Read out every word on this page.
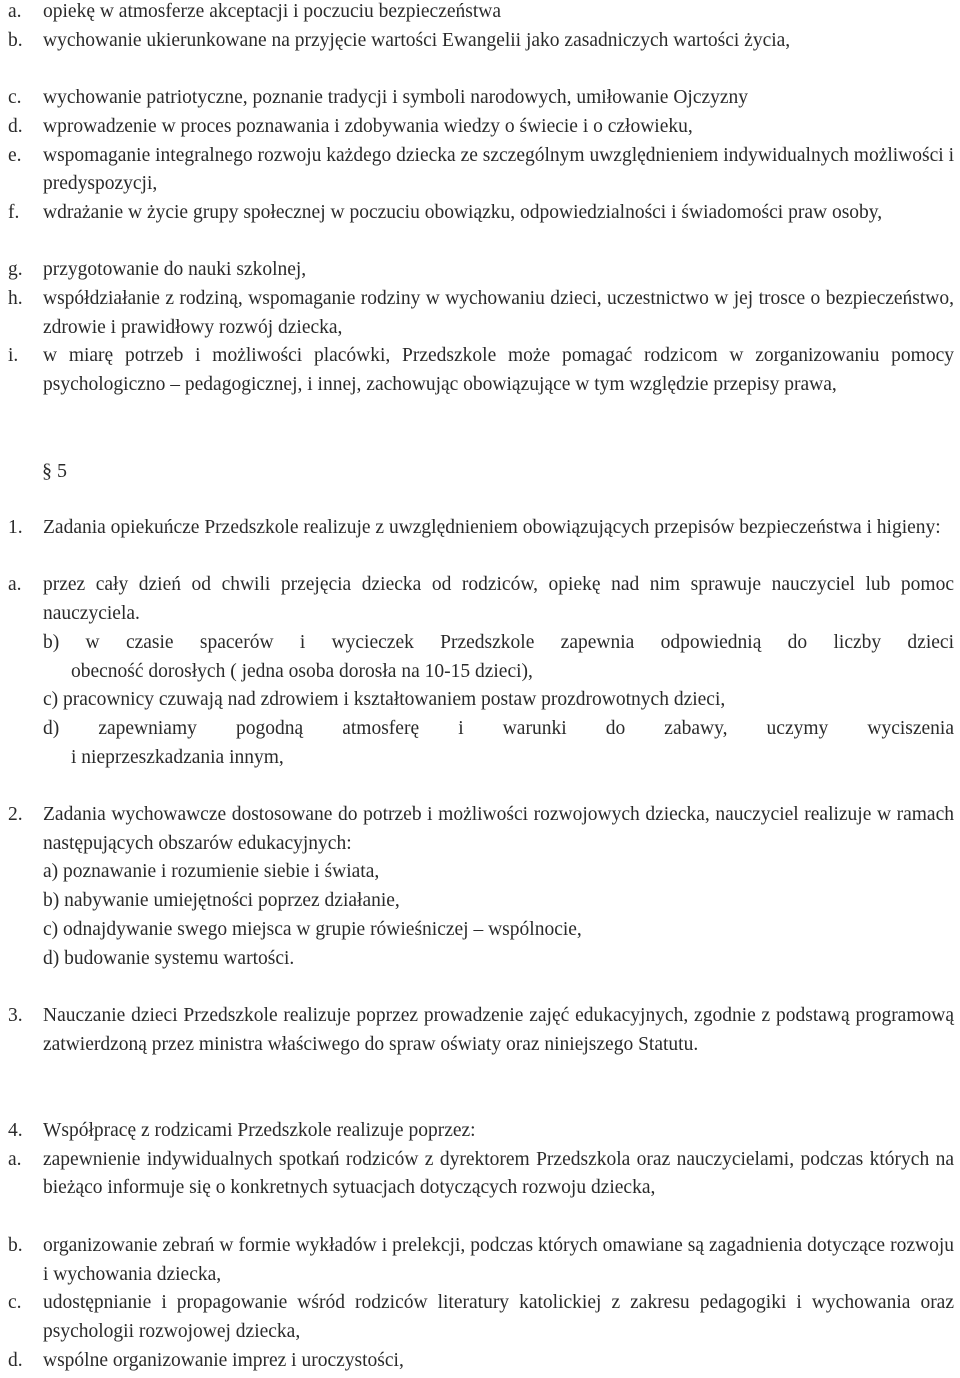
a. opiekę w atmosferze akceptacji i poczuciu bezpieczeństwa
b. wychowanie ukierunkowane na przyjęcie wartości Ewangelii jako zasadniczych wartości życia,
c. wychowanie patriotyczne, poznanie tradycji i symboli narodowych, umiłowanie Ojczyzny
d. wprowadzenie w proces poznawania i zdobywania wiedzy o świecie i o człowieku,
e. wspomaganie integralnego rozwoju każdego dziecka ze szczególnym uwzględnieniem indywidualnych możliwości i predyspozycji,
f. wdrażanie w życie grupy społecznej w poczuciu obowiązku, odpowiedzialności i świadomości praw osoby,
g. przygotowanie do nauki szkolnej,
h. współdziałanie z rodziną, wspomaganie rodziny w wychowaniu dzieci, uczestnictwo w jej trosce o bezpieczeństwo, zdrowie i prawidłowy rozwój dziecka,
i. w miarę potrzeb i możliwości placówki, Przedszkole może pomagać rodzicom w zorganizowaniu pomocy psychologiczno – pedagogicznej, i innej, zachowując obowiązujące w tym względzie przepisy prawa,
§ 5
1. Zadania opiekuńcze Przedszkole realizuje z uwzględnieniem obowiązujących przepisów bezpieczeństwa i higieny:
a. przez cały dzień od chwili przejęcia dziecka od rodziców, opiekę nad nim sprawuje nauczyciel lub pomoc nauczyciela.
b) w czasie spacerów i wycieczek Przedszkole zapewnia odpowiednią do liczby dzieci
obecność dorosłych ( jedna osoba dorosła na 10-15 dzieci),
c) pracownicy czuwają nad zdrowiem i kształtowaniem postaw prozdrowotnych dzieci,
d) zapewniamy pogodną atmosferę i warunki do zabawy, uczymy wyciszenia
i nieprzeszkadzania innym,
2. Zadania wychowawcze dostosowane do potrzeb i możliwości rozwojowych dziecka, nauczyciel realizuje w ramach następujących obszarów edukacyjnych:
a) poznawanie i rozumienie siebie i świata,
b) nabywanie umiejętności poprzez działanie,
c) odnajdywanie swego miejsca w grupie rówieśniczej – wspólnocie,
d) budowanie systemu wartości.
3. Nauczanie dzieci Przedszkole realizuje poprzez prowadzenie zajęć edukacyjnych, zgodnie z podstawą programową zatwierdzoną przez ministra właściwego do spraw oświaty oraz niniejszego Statutu.
4. Współpracę z rodzicami Przedszkole realizuje poprzez:
a. zapewnienie indywidualnych spotkań rodziców z dyrektorem Przedszkola oraz nauczycielami, podczas których na bieżąco informuje się o konkretnych sytuacjach dotyczących rozwoju dziecka,
b. organizowanie zebrań w formie wykładów i prelekcji, podczas których omawiane są zagadnienia dotyczące rozwoju i wychowania dziecka,
c. udostępnianie i propagowanie wśród rodziców literatury katolickiej z zakresu pedagogiki i wychowania oraz psychologii rozwojowej dziecka,
d. wspólne organizowanie imprez i uroczystości,
